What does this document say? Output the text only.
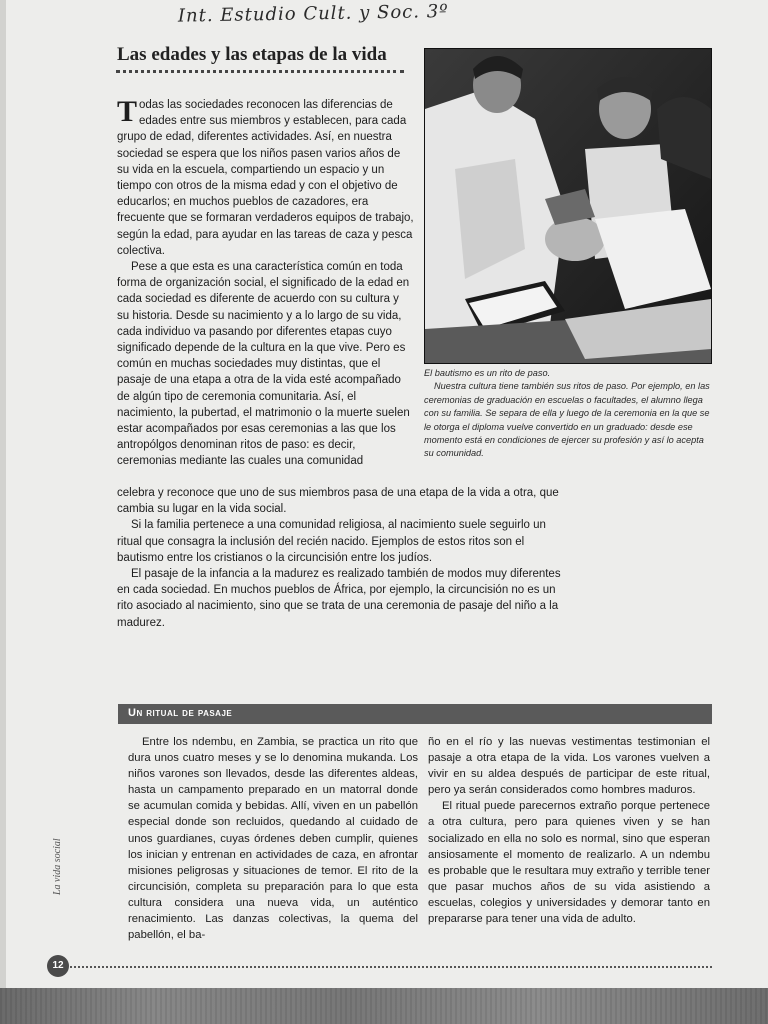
Int. Estudio Cult. y Soc. 3º
Las edades y las etapas de la vida

Todas las sociedades reconocen las diferencias de edades entre sus miembros y establecen, para cada grupo de edad, diferentes actividades. Así, en nuestra sociedad se espera que los niños pasen varios años de su vida en la escuela, compartiendo un espacio y un tiempo con otros de la misma edad y con el objetivo de educarlos; en muchos pueblos de cazadores, era frecuente que se formaran verdaderos equipos de trabajo, según la edad, para ayudar en las tareas de caza y pesca colectiva.

Pese a que esta es una característica común en toda forma de organización social, el significado de la edad en cada sociedad es diferente de acuerdo con su cultura y su historia. Desde su nacimiento y a lo largo de su vida, cada individuo va pasando por diferentes etapas cuyo significado depende de la cultura en la que vive. Pero es común en muchas sociedades muy distintas, que el pasaje de una etapa a otra de la vida esté acompañado de algún tipo de ceremonia comunitaria. Así, el nacimiento, la pubertad, el matrimonio o la muerte suelen estar acompañados por esas ceremonias a las que los antropólgos denominan ritos de paso: es decir, ceremonias mediante las cuales una comunidad

celebra y reconoce que uno de sus miembros pasa de una etapa de la vida a otra, que cambia su lugar en la vida social.

Si la familia pertenece a una comunidad religiosa, al nacimiento suele seguirlo un ritual que consagra la inclusión del recién nacido. Ejemplos de estos ritos son el bautismo entre los cristianos o la circuncisión entre los judíos.

El pasaje de la infancia a la madurez es realizado también de modos muy diferentes en cada sociedad. En muchos pueblos de África, por ejemplo, la circuncisión no es un rito asociado al nacimiento, sino que se trata de una ceremonia de pasaje del niño a la madurez.

El bautismo es un rito de paso.
Nuestra cultura tiene también sus ritos de paso. Por ejemplo, en las ceremonias de graduación en escuelas o facultades, el alumno llega con su familia. Se separa de ella y luego de la ceremonia en la que se le otorga el diploma vuelve convertido en un graduado: desde ese momento está en condiciones de ejercer su profesión y así lo acepta su comunidad.
Un ritual de pasaje

Entre los ndembu, en Zambia, se practica un rito que dura unos cuatro meses y se lo denomina mukanda. Los niños varones son llevados, desde las diferentes aldeas, hasta un campamento preparado en un matorral donde se acumulan comida y bebidas. Allí, viven en un pabellón especial donde son recluidos, quedando al cuidado de unos guardianes, cuyas órdenes deben cumplir, quienes los inician y entrenan en actividades de caza, en afrontar misiones peligrosas y situaciones de temor. El rito de la circuncisión, completa su preparación para lo que esta cultura considera una nueva vida, un auténtico renacimiento. Las danzas colectivas, la quema del pabellón, el ba-

ño en el río y las nuevas vestimentas testimonian el pasaje a otra etapa de la vida. Los varones vuelven a vivir en su aldea después de participar de este ritual, pero ya serán considerados como hombres maduros.

El ritual puede parecernos extraño porque pertenece a otra cultura, pero para quienes viven y se han socializado en ella no solo es normal, sino que esperan ansiosamente el momento de realizarlo. A un ndembu es probable que le resultara muy extraño y terrible tener que pasar muchos años de su vida asistiendo a escuelas, colegios y universidades y demorar tanto en prepararse para tener una vida de adulto.

La vida social
12
